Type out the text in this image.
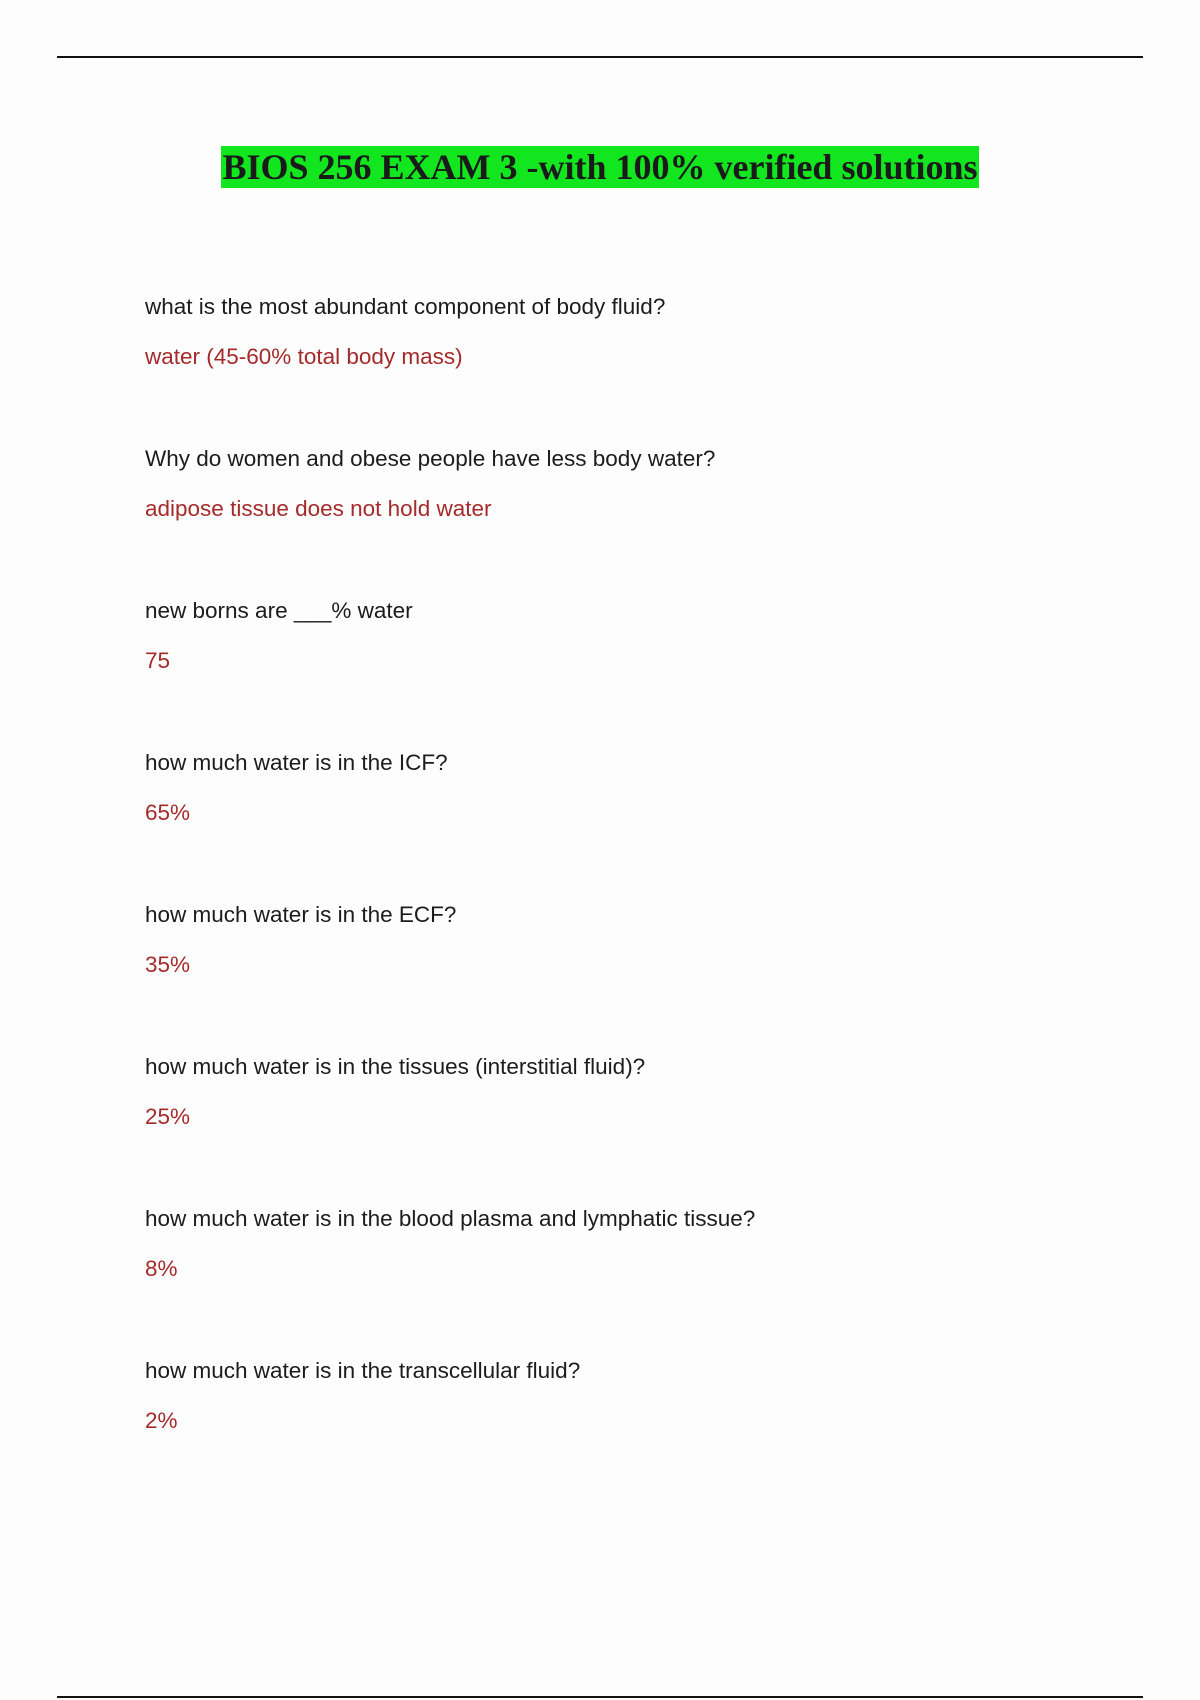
BIOS 256 EXAM 3 -with 100% verified solutions

what is the most abundant component of body fluid?

water (45-60% total body mass)

Why do women and obese people have less body water?

adipose tissue does not hold water

new borns are ___% water

75

how much water is in the ICF?

65%

how much water is in the ECF?

35%

how much water is in the tissues (interstitial fluid)?

25%

how much water is in the blood plasma and lymphatic tissue?

8%

how much water is in the transcellular fluid?

2%
